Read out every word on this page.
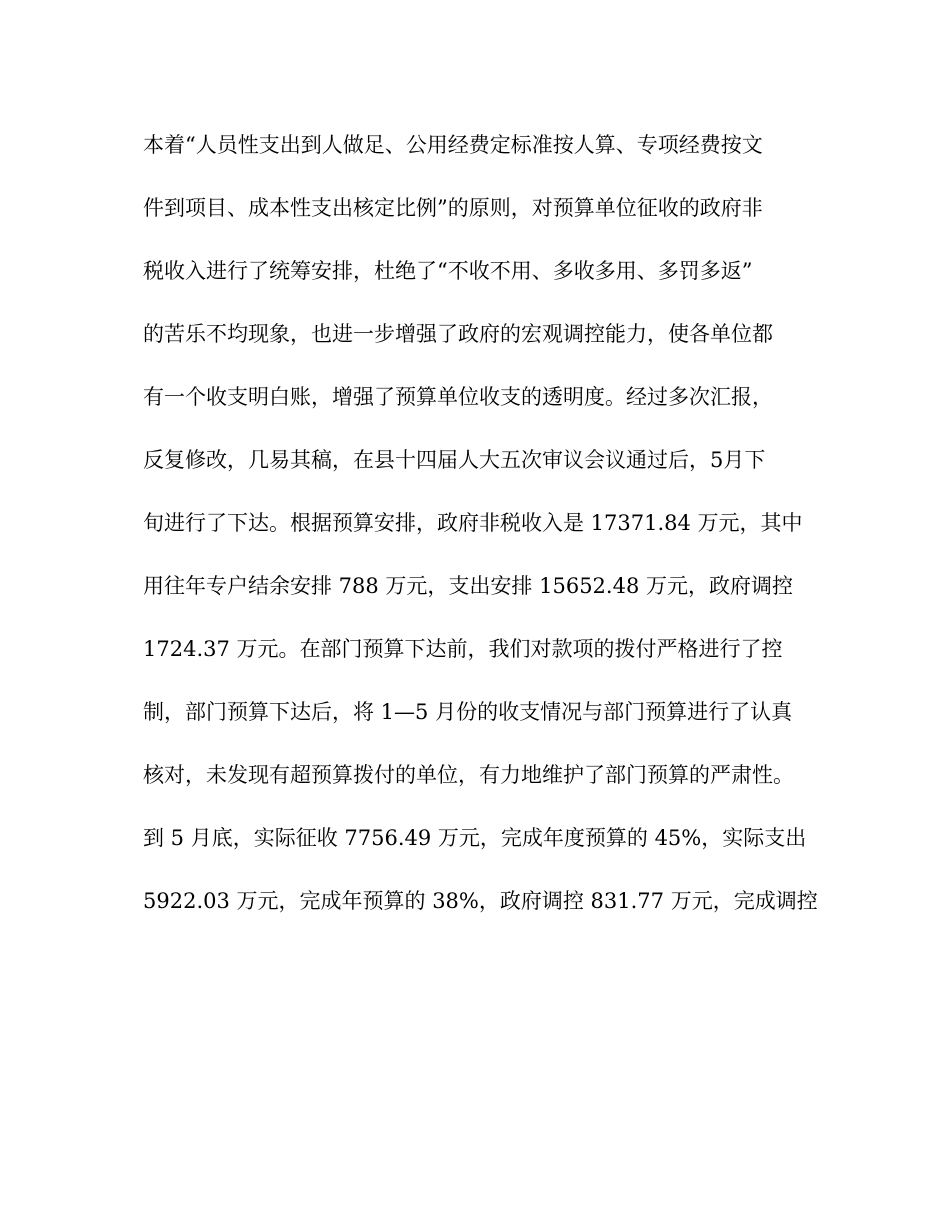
本着“人员性支出到人做足、公用经费定标准按人算、专项经费按文
件到项目、成本性支出核定比例”的原则，对预算单位征收的政府非
税收入进行了统筹安排，杜绝了“不收不用、多收多用、多罚多返”
的苦乐不均现象，也进一步增强了政府的宏观调控能力，使各单位都
有一个收支明白账，增强了预算单位收支的透明度。经过多次汇报，
反复修改，几易其稿，在县十四届人大五次审议会议通过后，5月下
旬进行了下达。根据预算安排，政府非税收入是 17371.84 万元，其中
用往年专户结余安排 788 万元，支出安排 15652.48 万元，政府调控
1724.37 万元。在部门预算下达前，我们对款项的拨付严格进行了控
制，部门预算下达后，将 1—5 月份的收支情况与部门预算进行了认真
核对，未发现有超预算拨付的单位，有力地维护了部门预算的严肃性。
到 5 月底，实际征收 7756.49 万元，完成年度预算的 45%，实际支出
5922.03 万元，完成年预算的 38%，政府调控 831.77 万元，完成调控
